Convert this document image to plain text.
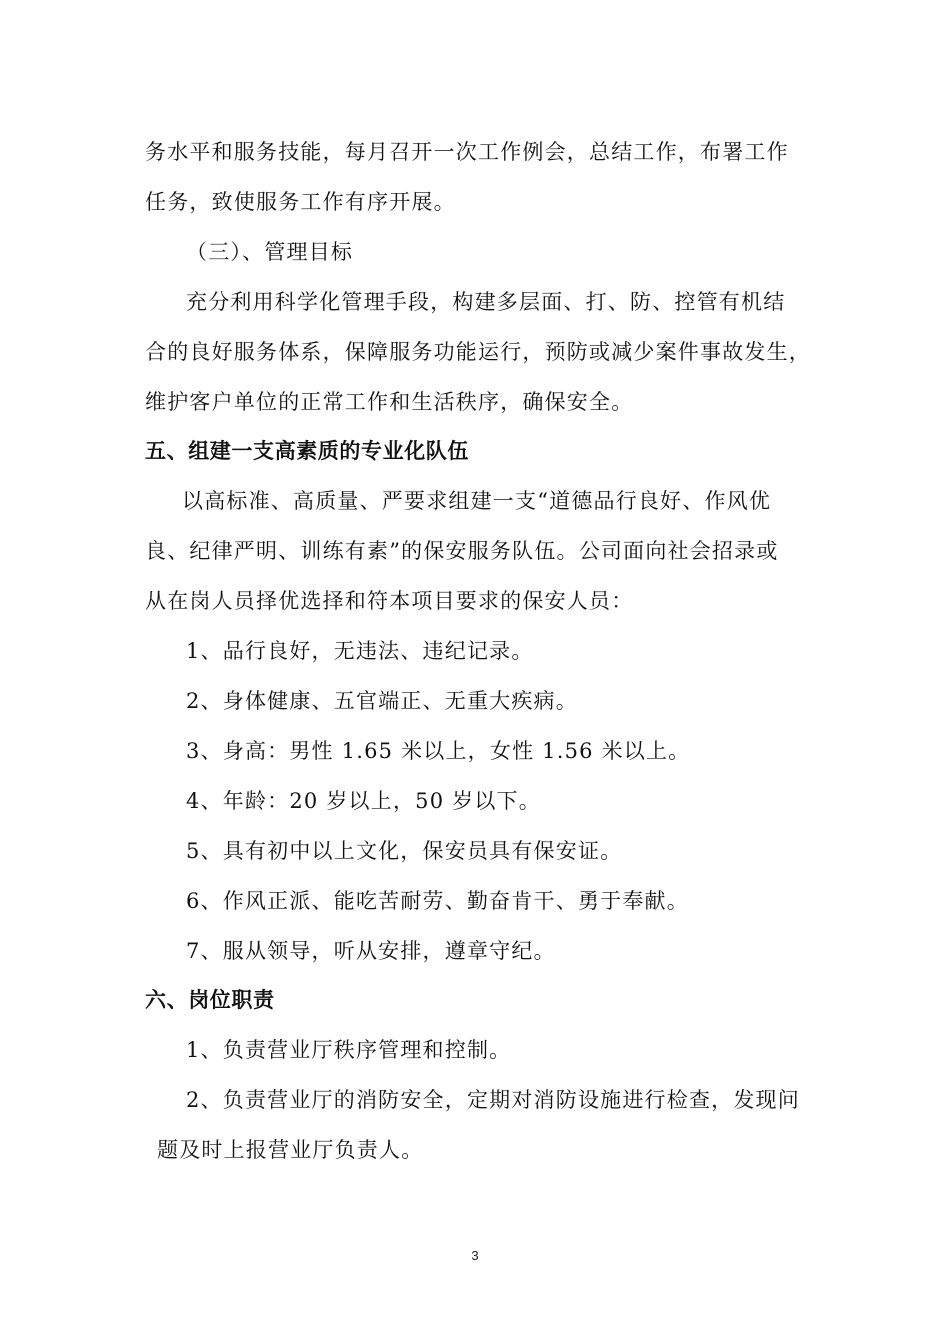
务水平和服务技能，每月召开一次工作例会，总结工作，布署工作
任务，致使服务工作有序开展。
（三）、管理目标
充分利用科学化管理手段，构建多层面、打、防、控管有机结
合的良好服务体系，保障服务功能运行，预防或减少案件事故发生，
维护客户单位的正常工作和生活秩序，确保安全。
五、组建一支高素质的专业化队伍
以高标准、高质量、严要求组建一支“道德品行良好、作风优
良、纪律严明、训练有素”的保安服务队伍。公司面向社会招录或
从在岗人员择优选择和符本项目要求的保安人员：
1、品行良好，无违法、违纪记录。
2、身体健康、五官端正、无重大疾病。
3、身高：男性 1.65 米以上，女性 1.56 米以上。
4、年龄：20 岁以上，50 岁以下。
5、具有初中以上文化，保安员具有保安证。
6、作风正派、能吃苦耐劳、勤奋肯干、勇于奉献。
7、服从领导，听从安排，遵章守纪。
六、岗位职责
1、负责营业厅秩序管理和控制。
2、负责营业厅的消防安全，定期对消防设施进行检查，发现问
题及时上报营业厅负责人。
3
